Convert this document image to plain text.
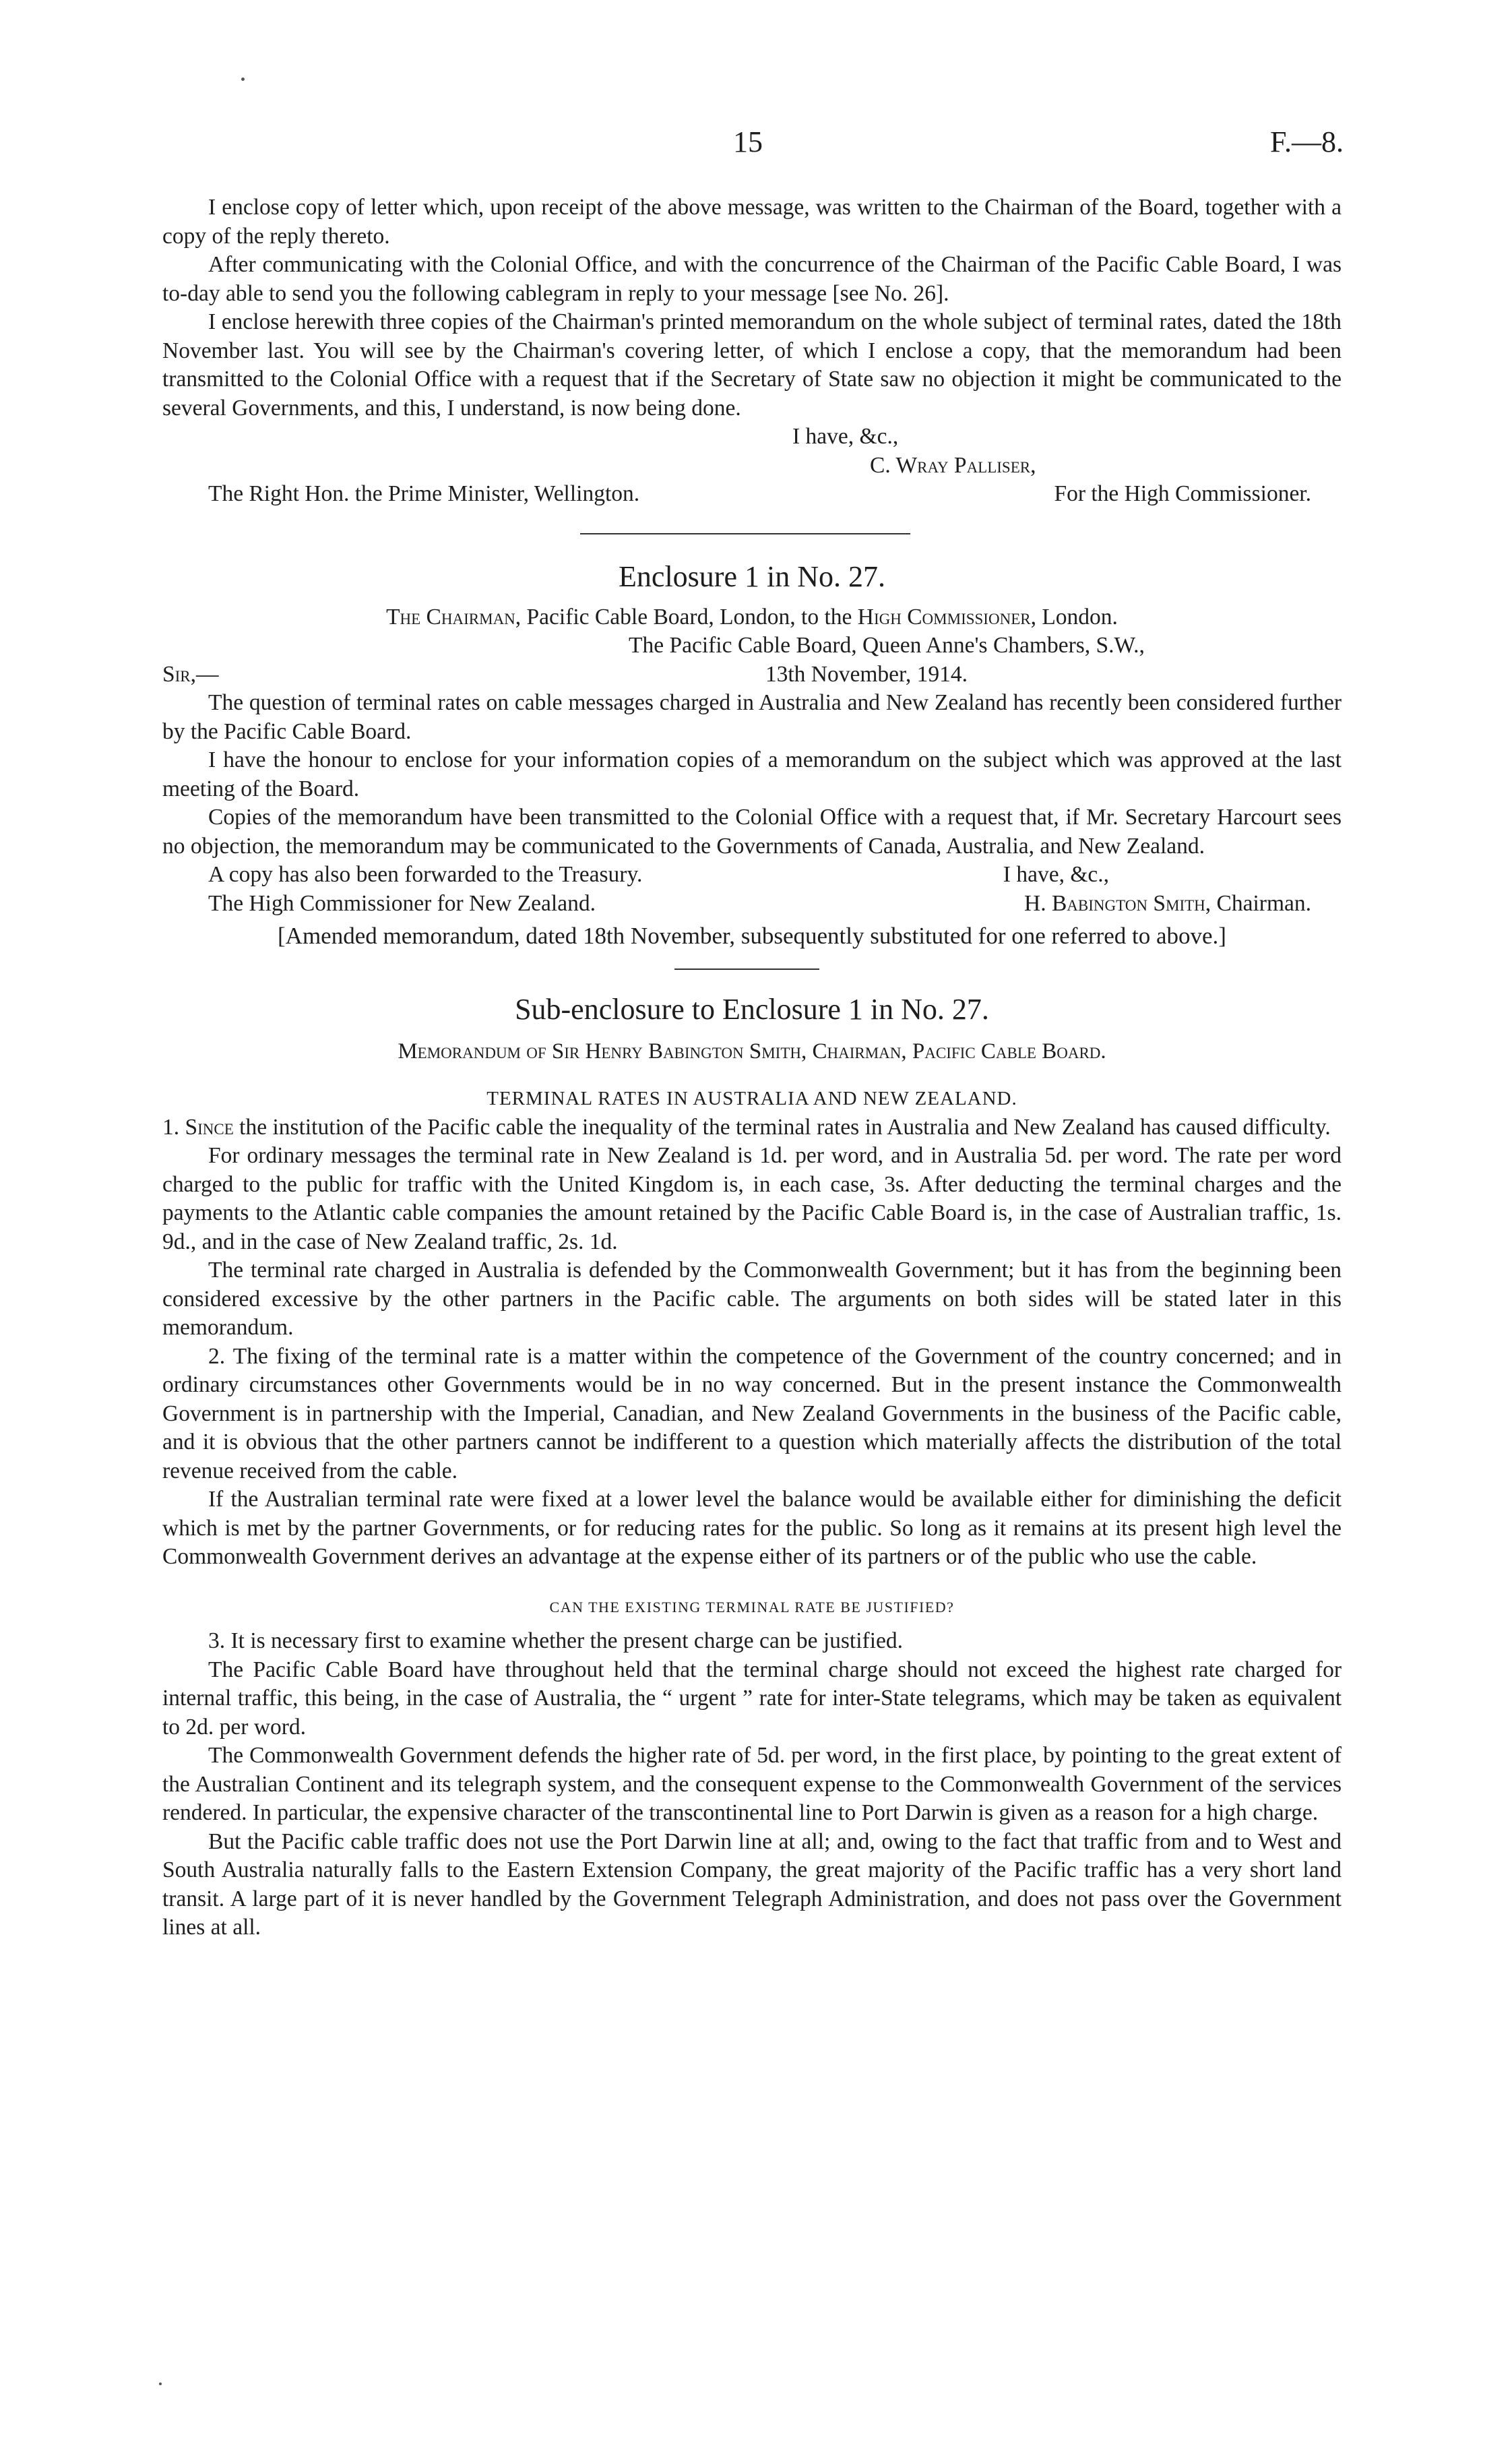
15	F.—8.

I enclose copy of letter which, upon receipt of the above message, was written to the Chairman of the Board, together with a copy of the reply thereto.

After communicating with the Colonial Office, and with the concurrence of the Chairman of the Pacific Cable Board, I was to-day able to send you the following cablegram in reply to your message [see No. 26].

I enclose herewith three copies of the Chairman's printed memorandum on the whole subject of terminal rates, dated the 18th November last. You will see by the Chairman's covering letter, of which I enclose a copy, that the memorandum had been transmitted to the Colonial Office with a request that if the Secretary of State saw no objection it might be communicated to the several Governments, and this, I understand, is now being done.

I have, &c.,
C. Wray Palliser,
The Right Hon. the Prime Minister, Wellington.	For the High Commissioner.
Enclosure 1 in No. 27.
The Chairman, Pacific Cable Board, London, to the High Commissioner, London.
The Pacific Cable Board, Queen Anne's Chambers, S.W.,
Sir,—	13th November, 1914.

The question of terminal rates on cable messages charged in Australia and New Zealand has recently been considered further by the Pacific Cable Board.

I have the honour to enclose for your information copies of a memorandum on the subject which was approved at the last meeting of the Board.

Copies of the memorandum have been transmitted to the Colonial Office with a request that, if Mr. Secretary Harcourt sees no objection, the memorandum may be communicated to the Governments of Canada, Australia, and New Zealand.

A copy has also been forwarded to the Treasury.	I have, &c.,
The High Commissioner for New Zealand.	H. Babington Smith, Chairman.
[Amended memorandum, dated 18th November, subsequently substituted for one referred to above.]
Sub-enclosure to Enclosure 1 in No. 27.
Memorandum of Sir Henry Babington Smith, Chairman, Pacific Cable Board.
TERMINAL RATES IN AUSTRALIA AND NEW ZEALAND.

1. Since the institution of the Pacific cable the inequality of the terminal rates in Australia and New Zealand has caused difficulty.

For ordinary messages the terminal rate in New Zealand is 1d. per word, and in Australia 5d. per word. The rate per word charged to the public for traffic with the United Kingdom is, in each case, 3s. After deducting the terminal charges and the payments to the Atlantic cable companies the amount retained by the Pacific Cable Board is, in the case of Australian traffic, 1s. 9d., and in the case of New Zealand traffic, 2s. 1d.

The terminal rate charged in Australia is defended by the Commonwealth Government; but it has from the beginning been considered excessive by the other partners in the Pacific cable. The arguments on both sides will be stated later in this memorandum.

2. The fixing of the terminal rate is a matter within the competence of the Government of the country concerned; and in ordinary circumstances other Governments would be in no way concerned. But in the present instance the Commonwealth Government is in partnership with the Imperial, Canadian, and New Zealand Governments in the business of the Pacific cable, and it is obvious that the other partners cannot be indifferent to a question which materially affects the distribution of the total revenue received from the cable.

If the Australian terminal rate were fixed at a lower level the balance would be available either for diminishing the deficit which is met by the partner Governments, or for reducing rates for the public. So long as it remains at its present high level the Commonwealth Government derives an advantage at the expense either of its partners or of the public who use the cable.

CAN THE EXISTING TERMINAL RATE BE JUSTIFIED?

3. It is necessary first to examine whether the present charge can be justified.

The Pacific Cable Board have throughout held that the terminal charge should not exceed the highest rate charged for internal traffic, this being, in the case of Australia, the “ urgent ” rate for inter-State telegrams, which may be taken as equivalent to 2d. per word.

The Commonwealth Government defends the higher rate of 5d. per word, in the first place, by pointing to the great extent of the Australian Continent and its telegraph system, and the consequent expense to the Commonwealth Government of the services rendered. In particular, the expensive character of the transcontinental line to Port Darwin is given as a reason for a high charge.

But the Pacific cable traffic does not use the Port Darwin line at all; and, owing to the fact that traffic from and to West and South Australia naturally falls to the Eastern Extension Company, the great majority of the Pacific traffic has a very short land transit. A large part of it is never handled by the Government Telegraph Administration, and does not pass over the Government lines at all.
